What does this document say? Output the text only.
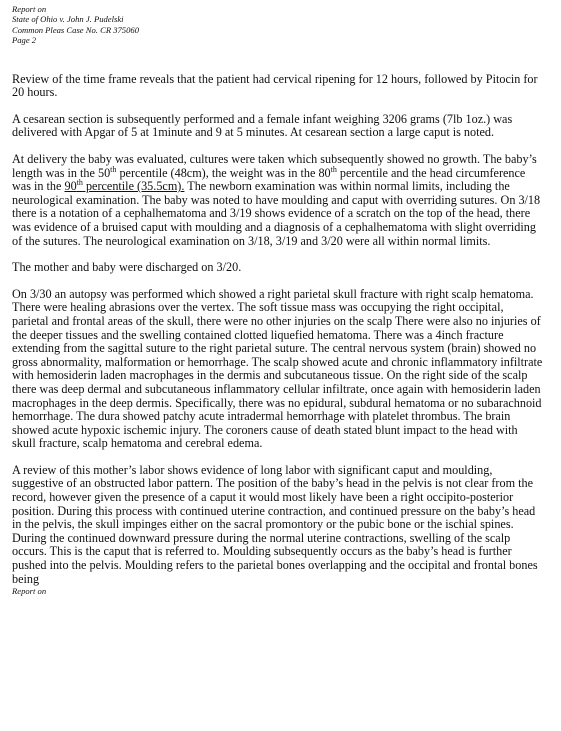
Report on
State of Ohio v. John J. Pudelski
Common Pleas Case No. CR 375060
Page 2

Review of the time frame reveals that the patient had cervical ripening for 12 hours, followed by Pitocin for 20 hours.

A cesarean section is subsequently performed and a female infant weighing 3206 grams (7lb 1oz.) was delivered with Apgar of 5 at 1minute and 9 at 5 minutes. At cesarean section a large caput is noted.

At delivery the baby was evaluated, cultures were taken which subsequently showed no growth. The baby’s length was in the 50th percentile (48cm), the weight was in the 80th percentile and the head circumference was in the 90th percentile (35.5cm). The newborn examination was within normal limits, including the neurological examination. The baby was noted to have moulding and caput with overriding sutures. On 3/18 there is a notation of a cephalhematoma and 3/19 shows evidence of a scratch on the top of the head, there was evidence of a bruised caput with moulding and a diagnosis of a cephalhematoma with slight overriding of the sutures. The neurological examination on 3/18, 3/19 and 3/20 were all within normal limits.

The mother and baby were discharged on 3/20.

On 3/30 an autopsy was performed which showed a right parietal skull fracture with right scalp hematoma. There were healing abrasions over the vertex. The soft tissue mass was occupying the right occipital, parietal and frontal areas of the skull, there were no other injuries on the scalp There were also no injuries of the deeper tissues and the swelling contained clotted liquefied hematoma. There was a 4inch fracture extending from the sagittal suture to the right parietal suture. The central nervous system (brain) showed no gross abnormality, malformation or hemorrhage. The scalp showed acute and chronic inflammatory infiltrate with hemosiderin laden macrophages in the dermis and subcutaneous tissue. On the right side of the scalp there was deep dermal and subcutaneous inflammatory cellular infiltrate, once again with hemosiderin laden macrophages in the deep dermis. Specifically, there was no epidural, subdural hematoma or no subarachnoid hemorrhage. The dura showed patchy acute intradermal hemorrhage with platelet thrombus. The brain showed acute hypoxic ischemic injury. The coroners cause of death stated blunt impact to the head with skull fracture, scalp hematoma and cerebral edema.

A review of this mother’s labor shows evidence of long labor with significant caput and moulding, suggestive of an obstructed labor pattern. The position of the baby’s head in the pelvis is not clear from the record, however given the presence of a caput it would most likely have been a right occipito-posterior position. During this process with continued uterine contraction, and continued pressure on the baby’s head in the pelvis, the skull impinges either on the sacral promontory or the pubic bone or the ischial spines. During the continued downward pressure during the normal uterine contractions, swelling of the scalp occurs. This is the caput that is referred to. Moulding subsequently occurs as the baby’s head is further pushed into the pelvis. Moulding refers to the parietal bones overlapping and the occipital and frontal bones being

Report on
